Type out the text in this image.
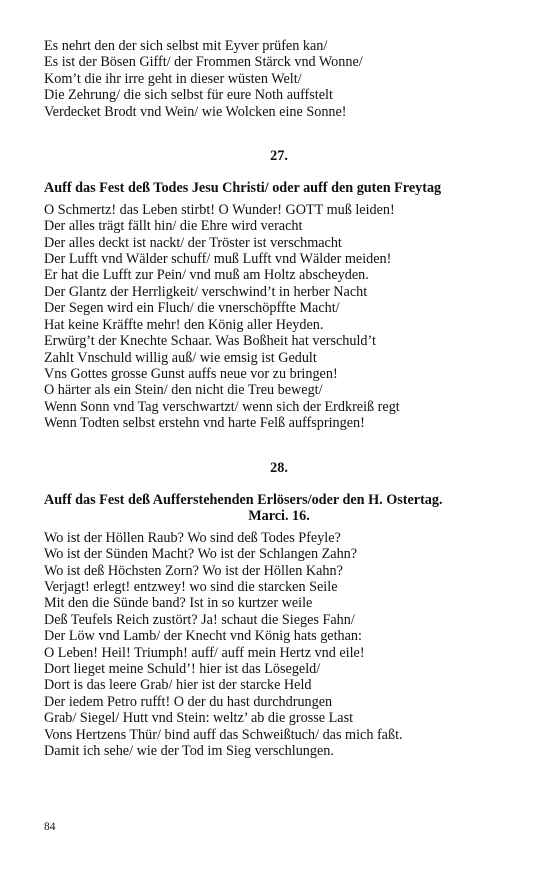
Es nehrt den der sich selbst mit Eyver prüfen kan/
Es ist der Bösen Gifft/ der Frommen Stärck vnd Wonne/
Kom’t die ihr irre geht in dieser wüsten Welt/
Die Zehrung/ die sich selbst für eure Noth auffstelt
Verdecket Brodt vnd Wein/ wie Wolcken eine Sonne!
27.
Auff das Fest deß Todes Jesu Christi/ oder auff den guten Freytag
O Schmertz! das Leben stirbt! O Wunder! GOTT muß leiden!
Der alles trägt fällt hin/ die Ehre wird veracht
Der alles deckt ist nackt/ der Tröster ist verschmacht
Der Lufft vnd Wälder schuff/ muß Lufft vnd Wälder meiden!
Er hat die Lufft zur Pein/ vnd muß am Holtz abscheyden.
Der Glantz der Herrligkeit/ verschwind’t in herber Nacht
Der Segen wird ein Fluch/ die vnerschöpffte Macht/
Hat keine Kräffte mehr! den König aller Heyden.
Erwürg’t der Knechte Schaar. Was Boßheit hat verschuld’t
Zahlt Vnschuld willig auß/ wie emsig ist Gedult
Vns Gottes grosse Gunst auffs neue vor zu bringen!
O härter als ein Stein/ den nicht die Treu bewegt/
Wenn Sonn vnd Tag verschwartzt/ wenn sich der Erdkreiß regt
Wenn Todten selbst erstehn vnd harte Felß auffspringen!
28.
Auff das Fest deß Aufferstehenden Erlösers/oder den H. Ostertag.
Marci. 16.
Wo ist der Höllen Raub? Wo sind deß Todes Pfeyle?
Wo ist der Sünden Macht? Wo ist der Schlangen Zahn?
Wo ist deß Höchsten Zorn? Wo ist der Höllen Kahn?
Verjagt! erlegt! entzwey! wo sind die starcken Seile
Mit den die Sünde band? Ist in so kurtzer weile
Deß Teufels Reich zustört? Ja! schaut die Sieges Fahn/
Der Löw vnd Lamb/ der Knecht vnd König hats gethan:
O Leben! Heil! Triumph! auff/ auff mein Hertz vnd eile!
Dort lieget meine Schuld’! hier ist das Lösegeld/
Dort is das leere Grab/ hier ist der starcke Held
Der iedem Petro rufft! O der du hast durchdrungen
Grab/ Siegel/ Hutt vnd Stein: weltz’ ab die grosse Last
Vons Hertzens Thür/ bind auff das Schweißtuch/ das mich faßt.
Damit ich sehe/ wie der Tod im Sieg verschlungen.
84
